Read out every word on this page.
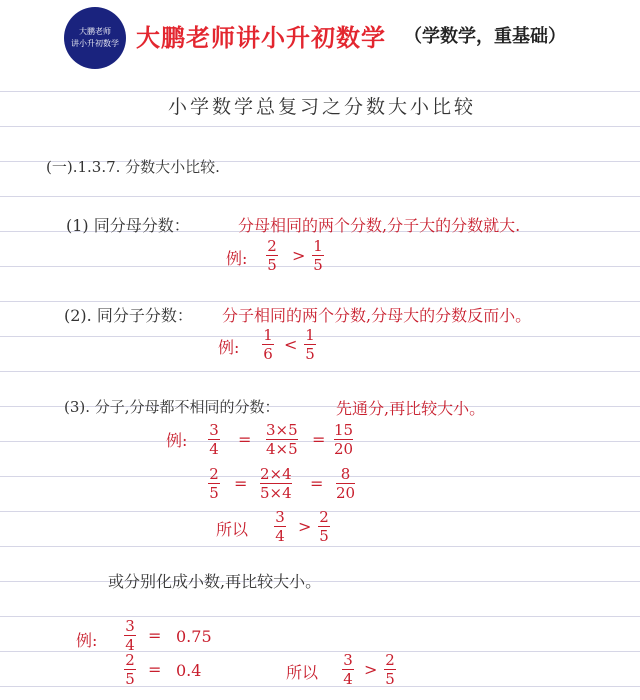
大鹏老师
讲小升初数学 大鹏老师讲小升初数学 （学数学，重基础）
小学数学总复习之分数大小比较
(一).1.3.7. 分数大小比较.
(1) 同分母分数：	分母相同的两个分数,分子大的分数就大.
例:
2
5 > 1
5
(2). 同分子分数： 分子相同的两个分数,分母大的分数反而小。
例:
1
6 < 1
5
(3). 分子,分母都不相同的分数：	先通分,再比较大小。
例:
3
4 = 3×5
4×5 = 15
20
2
5 = 2×4
5×4 = 8
20
所以
3
4 > 2
5
或分别化成小数,再比较大小。
例:
3
4 = 0.75
2
5 = 0.4	所以
3
4 > 2
5
